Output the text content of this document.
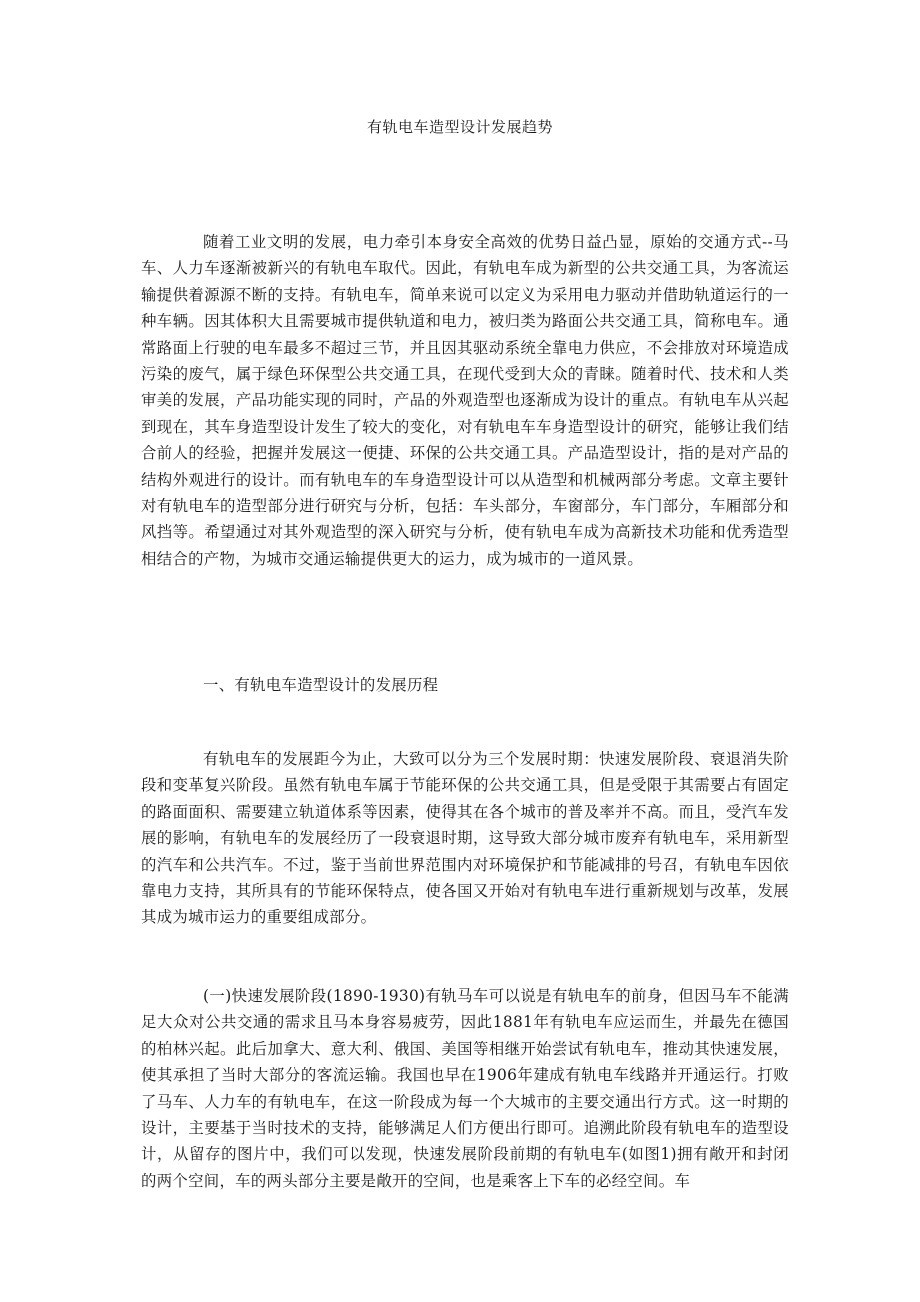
有轨电车造型设计发展趋势

随着工业文明的发展，电力牵引本身安全高效的优势日益凸显，原始的交通方式--马车、人力车逐渐被新兴的有轨电车取代。因此，有轨电车成为新型的公共交通工具，为客流运输提供着源源不断的支持。有轨电车，简单来说可以定义为采用电力驱动并借助轨道运行的一种车辆。因其体积大且需要城市提供轨道和电力，被归类为路面公共交通工具，简称电车。通常路面上行驶的电车最多不超过三节，并且因其驱动系统全靠电力供应，不会排放对环境造成污染的废气，属于绿色环保型公共交通工具，在现代受到大众的青睐。随着时代、技术和人类审美的发展，产品功能实现的同时，产品的外观造型也逐渐成为设计的重点。有轨电车从兴起到现在，其车身造型设计发生了较大的变化，对有轨电车车身造型设计的研究，能够让我们结合前人的经验，把握并发展这一便捷、环保的公共交通工具。产品造型设计，指的是对产品的结构外观进行的设计。而有轨电车的车身造型设计可以从造型和机械两部分考虑。文章主要针对有轨电车的造型部分进行研究与分析，包括：车头部分，车窗部分，车门部分，车厢部分和风挡等。希望通过对其外观造型的深入研究与分析，使有轨电车成为高新技术功能和优秀造型相结合的产物，为城市交通运输提供更大的运力，成为城市的一道风景。

一、有轨电车造型设计的发展历程

有轨电车的发展距今为止，大致可以分为三个发展时期：快速发展阶段、衰退消失阶段和变革复兴阶段。虽然有轨电车属于节能环保的公共交通工具，但是受限于其需要占有固定的路面面积、需要建立轨道体系等因素，使得其在各个城市的普及率并不高。而且，受汽车发展的影响，有轨电车的发展经历了一段衰退时期，这导致大部分城市废弃有轨电车，采用新型的汽车和公共汽车。不过，鉴于当前世界范围内对环境保护和节能减排的号召，有轨电车因依靠电力支持，其所具有的节能环保特点，使各国又开始对有轨电车进行重新规划与改革，发展其成为城市运力的重要组成部分。

(一)快速发展阶段(1890-1930)有轨马车可以说是有轨电车的前身，但因马车不能满足大众对公共交通的需求且马本身容易疲劳，因此1881年有轨电车应运而生，并最先在德国的柏林兴起。此后加拿大、意大利、俄国、美国等相继开始尝试有轨电车，推动其快速发展，使其承担了当时大部分的客流运输。我国也早在1906年建成有轨电车线路并开通运行。打败了马车、人力车的有轨电车，在这一阶段成为每一个大城市的主要交通出行方式。这一时期的设计，主要基于当时技术的支持，能够满足人们方便出行即可。追溯此阶段有轨电车的造型设计，从留存的图片中，我们可以发现，快速发展阶段前期的有轨电车(如图1)拥有敞开和封闭的两个空间，车的两头部分主要是敞开的空间，也是乘客上下车的必经空间。车
